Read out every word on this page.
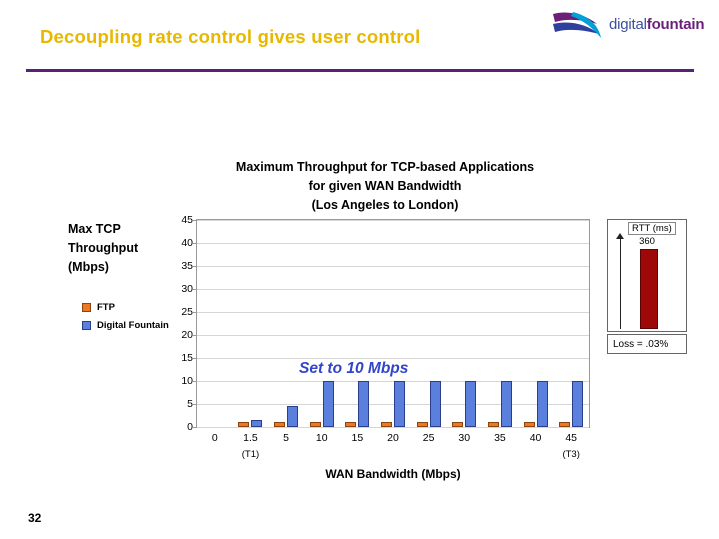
Decoupling rate control gives user control
digitalfountain
Maximum Throughput for TCP-based Applications
for given WAN Bandwidth
(Los Angeles to London)
Max TCP
Throughput
(Mbps)
FTP
Digital Fountain
0
5
10
15
20
25
30
35
40
45
0 1.5
(T1)
5	10 15 20 25 30 35 40 45
(T3)
WAN Bandwidth (Mbps)
Set to 10 Mbps
RTT (ms)
360
Loss = .03%
32
